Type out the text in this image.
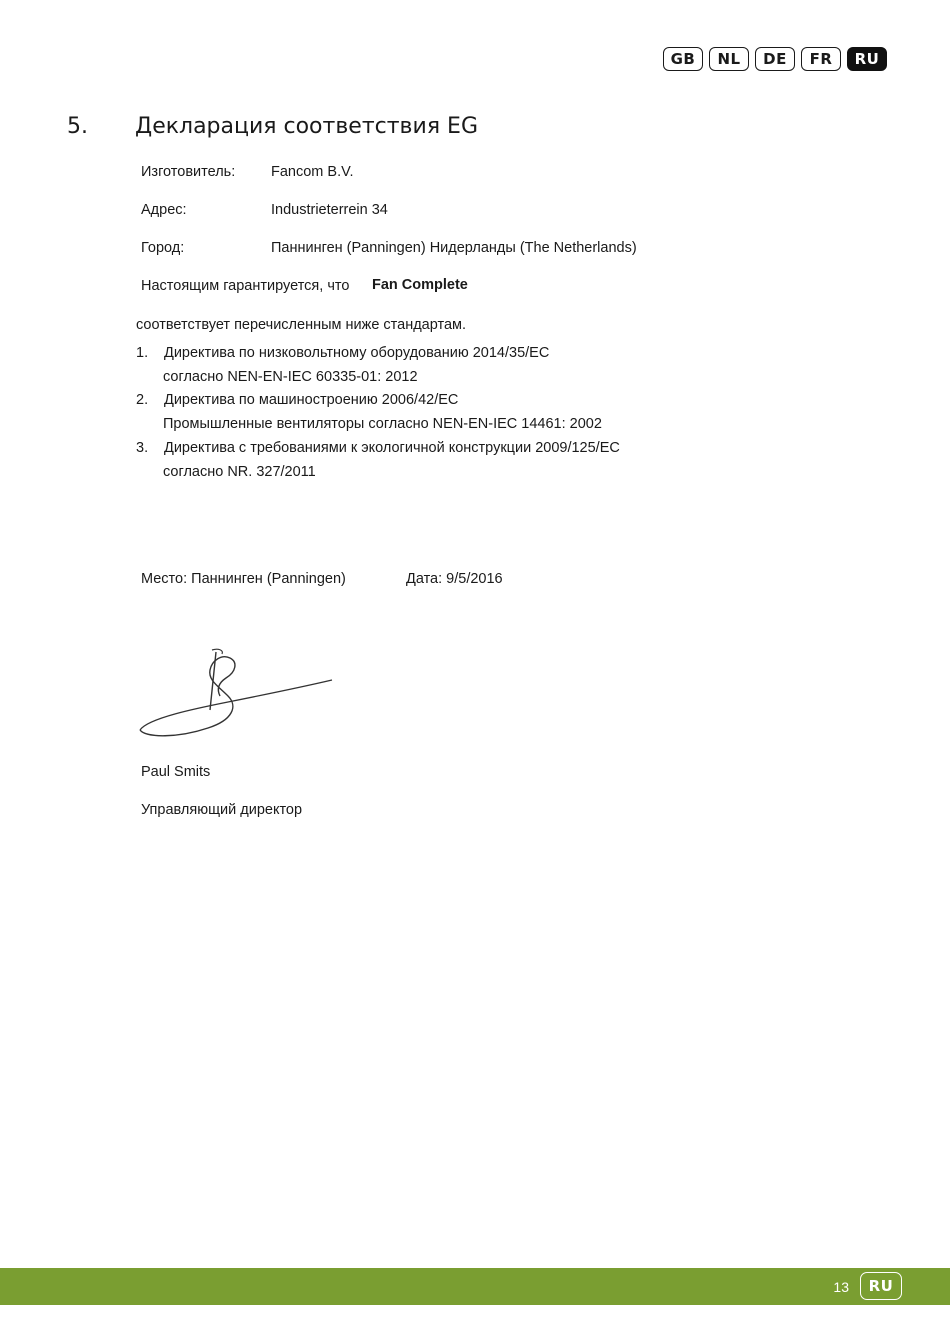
GB	NL	DE	FR	RU
5. Декларация соответствия EG
Изготовитель: Fancom B.V.
Адрес:	Industrieterrein 34
Город:	Паннинген (Panningen) Нидерланды (The Netherlands)
Настоящим гарантируется, что Fan Complete
соответствует перечисленным ниже стандартам.
1. Директива по низковольтному оборудованию 2014/35/EC
согласно NEN-EN-IEC 60335-01: 2012
2. Директива по машиностроению 2006/42/EC
Промышленные вентиляторы согласно NEN-EN-IEC 14461: 2002
3. Директива с требованиями к экологичной конструкции 2009/125/EC
согласно NR. 327/2011
Место: Паннинген (Panningen)	Дата: 9/5/2016
Paul Smits
Управляющий директор
13	RU
